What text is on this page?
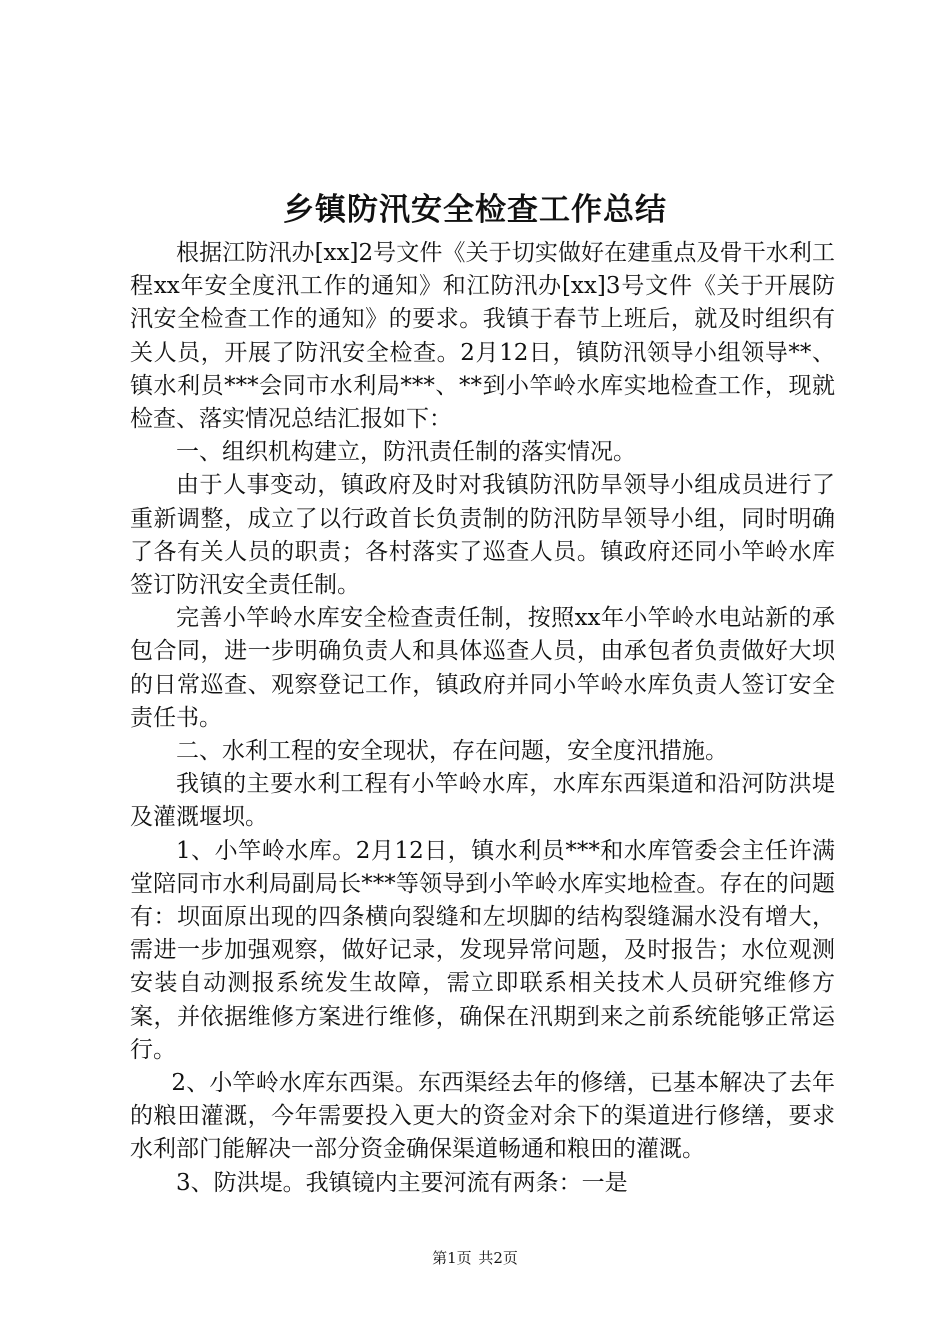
乡镇防汛安全检查工作总结

根据江防汛办[xx]2号文件《关于切实做好在建重点及骨干水利工程xx年安全度汛工作的通知》和江防汛办[xx]3号文件《关于开展防汛安全检查工作的通知》的要求。我镇于春节上班后，就及时组织有关人员，开展了防汛安全检查。2月12日，镇防汛领导小组领导**、镇水利员***会同市水利局***、**到小竿岭水库实地检查工作，现就检查、落实情况总结汇报如下：

一、组织机构建立，防汛责任制的落实情况。

由于人事变动，镇政府及时对我镇防汛防旱领导小组成员进行了重新调整，成立了以行政首长负责制的防汛防旱领导小组，同时明确了各有关人员的职责；各村落实了巡查人员。镇政府还同小竿岭水库签订防汛安全责任制。

完善小竿岭水库安全检查责任制，按照xx年小竿岭水电站新的承包合同，进一步明确负责人和具体巡查人员，由承包者负责做好大坝的日常巡查、观察登记工作，镇政府并同小竿岭水库负责人签订安全责任书。

二、水利工程的安全现状，存在问题，安全度汛措施。

我镇的主要水利工程有小竿岭水库，水库东西渠道和沿河防洪堤及灌溉堰坝。

1、小竿岭水库。2月12日，镇水利员***和水库管委会主任许满堂陪同市水利局副局长***等领导到小竿岭水库实地检查。存在的问题有：坝面原出现的四条横向裂缝和左坝脚的结构裂缝漏水没有增大，需进一步加强观察，做好记录，发现异常问题，及时报告；水位观测安装自动测报系统发生故障，需立即联系相关技术人员研究维修方案，并依据维修方案进行维修，确保在汛期到来之前系统能够正常运行。

2、小竿岭水库东西渠。东西渠经去年的修缮，已基本解决了去年的粮田灌溉，今年需要投入更大的资金对余下的渠道进行修缮，要求水利部门能解决一部分资金确保渠道畅通和粮田的灌溉。

3、防洪堤。我镇镜内主要河流有两条：一是

第1页 共2页
